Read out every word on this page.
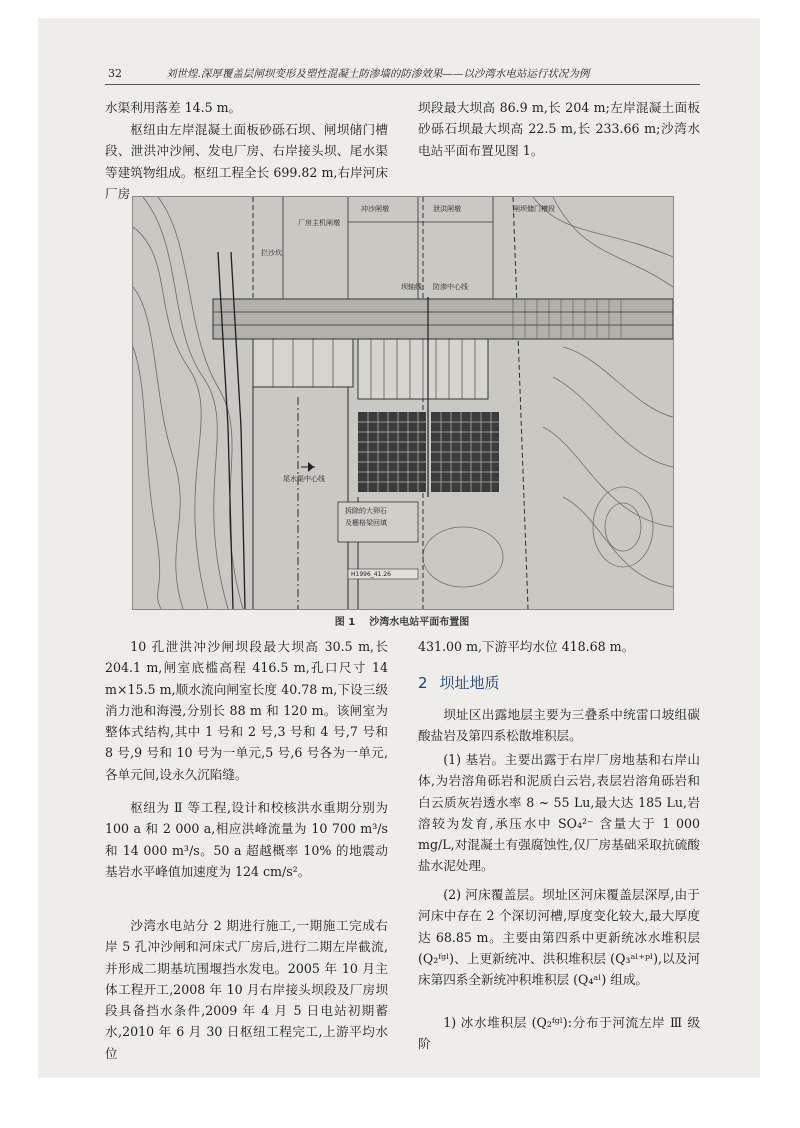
32	刘世煌.深厚覆盖层闸坝变形及塑性混凝土防渗墙的防渗效果——以沙湾水电站运行状况为例

水渠利用落差 14.5 m。

枢纽由左岸混凝土面板砂砾石坝、闸坝储门槽段、泄洪冲沙闸、发电厂房、右岸接头坝、尾水渠等建筑物组成。枢纽工程全长 699.82 m,右岸河床厂房

坝段最大坝高 86.9 m,长 204 m;左岸混凝土面板砂砾石坝最大坝高 22.5 m,长 233.66 m;沙湾水电站平面布置见图 1。

厂房主机闸墩
冲沙闸墩	泄洪闸墩	闸坝储门槽段
拦沙坎
坝轴线 防渗中心线
尾水渠中心线
拆除的大卵石
及栅格梁回填
H1996_41.26
图 1 沙湾水电站平面布置图

10 孔泄洪冲沙闸坝段最大坝高 30.5 m,长 204.1 m,闸室底槛高程 416.5 m,孔口尺寸 14 m×15.5 m,顺水流向闸室长度 40.78 m,下设三级消力池和海漫,分别长 88 m 和 120 m。该闸室为整体式结构,其中 1 号和 2 号,3 号和 4 号,7 号和 8 号,9 号和 10 号为一单元,5 号,6 号各为一单元,各单元间,设永久沉陷缝。

枢纽为 Ⅱ 等工程,设计和校核洪水重期分别为 100 a 和 2 000 a,相应洪峰流量为 10 700 m³/s 和 14 000 m³/s。50 a 超越概率 10% 的地震动基岩水平峰值加速度为 124 cm/s²。

沙湾水电站分 2 期进行施工,一期施工完成右岸 5 孔冲沙闸和河床式厂房后,进行二期左岸截流,并形成二期基坑围堰挡水发电。2005 年 10 月主体工程开工,2008 年 10 月右岸接头坝段及厂房坝段具备挡水条件,2009 年 4 月 5 日电站初期蓄水,2010 年 6 月 30 日枢纽工程完工,上游平均水位

431.00 m,下游平均水位 418.68 m。

2 坝址地质

坝址区出露地层主要为三叠系中统雷口坡组碳酸盐岩及第四系松散堆积层。

(1) 基岩。主要出露于右岸厂房地基和右岸山体,为岩溶角砾岩和泥质白云岩,表层岩溶角砾岩和白云质灰岩透水率 8 ~ 55 Lu,最大达 185 Lu,岩溶较为发育,承压水中 SO₄²⁻ 含量大于 1 000 mg/L,对混凝土有强腐蚀性,仅厂房基础采取抗硫酸盐水泥处理。

(2) 河床覆盖层。坝址区河床覆盖层深厚,由于河床中存在 2 个深切河槽,厚度变化较大,最大厚度达 68.85 m。主要由第四系中更新统冰水堆积层 (Q₂ᶠᵍˡ)、上更新统冲、洪积堆积层 (Q₃ᵃˡ⁺ᵖˡ),以及河床第四系全新统冲积堆积层 (Q₄ᵃˡ) 组成。

1) 冰水堆积层 (Q₂ᶠᵍˡ):分布于河流左岸 Ⅲ 级阶
